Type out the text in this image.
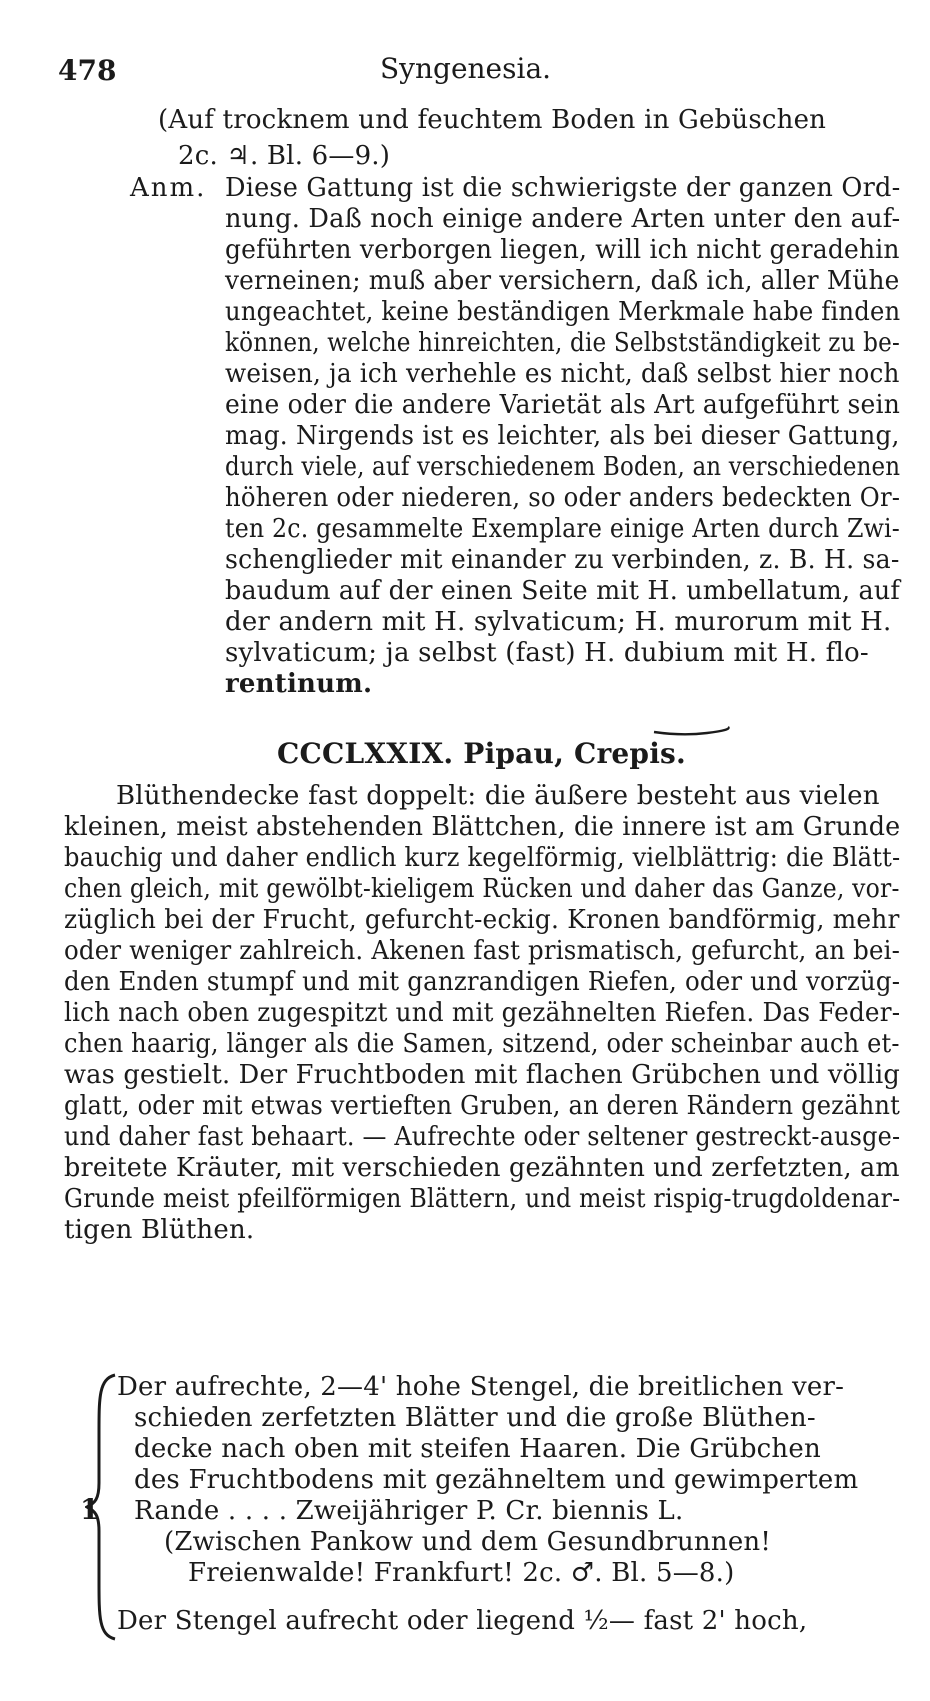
478	Syngenesia.
(Auf trocknem und feuchtem Boden in Gebüschen
2c. ♃. Bl. 6—9.)
Anm. Diese Gattung ist die schwierigste der ganzen Ord-
nung. Daß noch einige andere Arten unter den auf-
geführten verborgen liegen, will ich nicht geradehin
verneinen; muß aber versichern, daß ich, aller Mühe
ungeachtet, keine beständigen Merkmale habe finden
können, welche hinreichten, die Selbstständigkeit zu be-
weisen, ja ich verhehle es nicht, daß selbst hier noch
eine oder die andere Varietät als Art aufgeführt sein
mag. Nirgends ist es leichter, als bei dieser Gattung,
durch viele, auf verschiedenem Boden, an verschiedenen
höheren oder niederen, so oder anders bedeckten Or-
ten 2c. gesammelte Exemplare einige Arten durch Zwi-
schenglieder mit einander zu verbinden, z. B. H. sa-
baudum auf der einen Seite mit H. umbellatum, auf
der andern mit H. sylvaticum; H. murorum mit H.
sylvaticum; ja selbst (fast) H. dubium mit H. flo-
rentinum.
CCCLXXIX. Pipau, Crepis.
Blüthendecke fast doppelt: die äußere besteht aus vielen
kleinen, meist abstehenden Blättchen, die innere ist am Grunde
bauchig und daher endlich kurz kegelförmig, vielblättrig: die Blätt-
chen gleich, mit gewölbt-kieligem Rücken und daher das Ganze, vor-
züglich bei der Frucht, gefurcht-eckig. Kronen bandförmig, mehr
oder weniger zahlreich. Akenen fast prismatisch, gefurcht, an bei-
den Enden stumpf und mit ganzrandigen Riefen, oder und vorzüg-
lich nach oben zugespitzt und mit gezähnelten Riefen. Das Feder-
chen haarig, länger als die Samen, sitzend, oder scheinbar auch et-
was gestielt. Der Fruchtboden mit flachen Grübchen und völlig
glatt, oder mit etwas vertieften Gruben, an deren Rändern gezähnt
und daher fast behaart. — Aufrechte oder seltener gestreckt-ausge-
breitete Kräuter, mit verschieden gezähnten und zerfetzten, am
Grunde meist pfeilförmigen Blättern, und meist rispig-trugdoldenar-
tigen Blüthen.
1
Der aufrechte, 2—4' hohe Stengel, die breitlichen ver-
schieden zerfetzten Blätter und die große Blüthen-
decke nach oben mit steifen Haaren. Die Grübchen
des Fruchtbodens mit gezähneltem und gewimpertem
Rande . . . . Zweijähriger P. Cr. biennis L.
(Zwischen Pankow und dem Gesundbrunnen!
Freienwalde! Frankfurt! 2c. ♂. Bl. 5—8.)
Der Stengel aufrecht oder liegend ½— fast 2' hoch,
